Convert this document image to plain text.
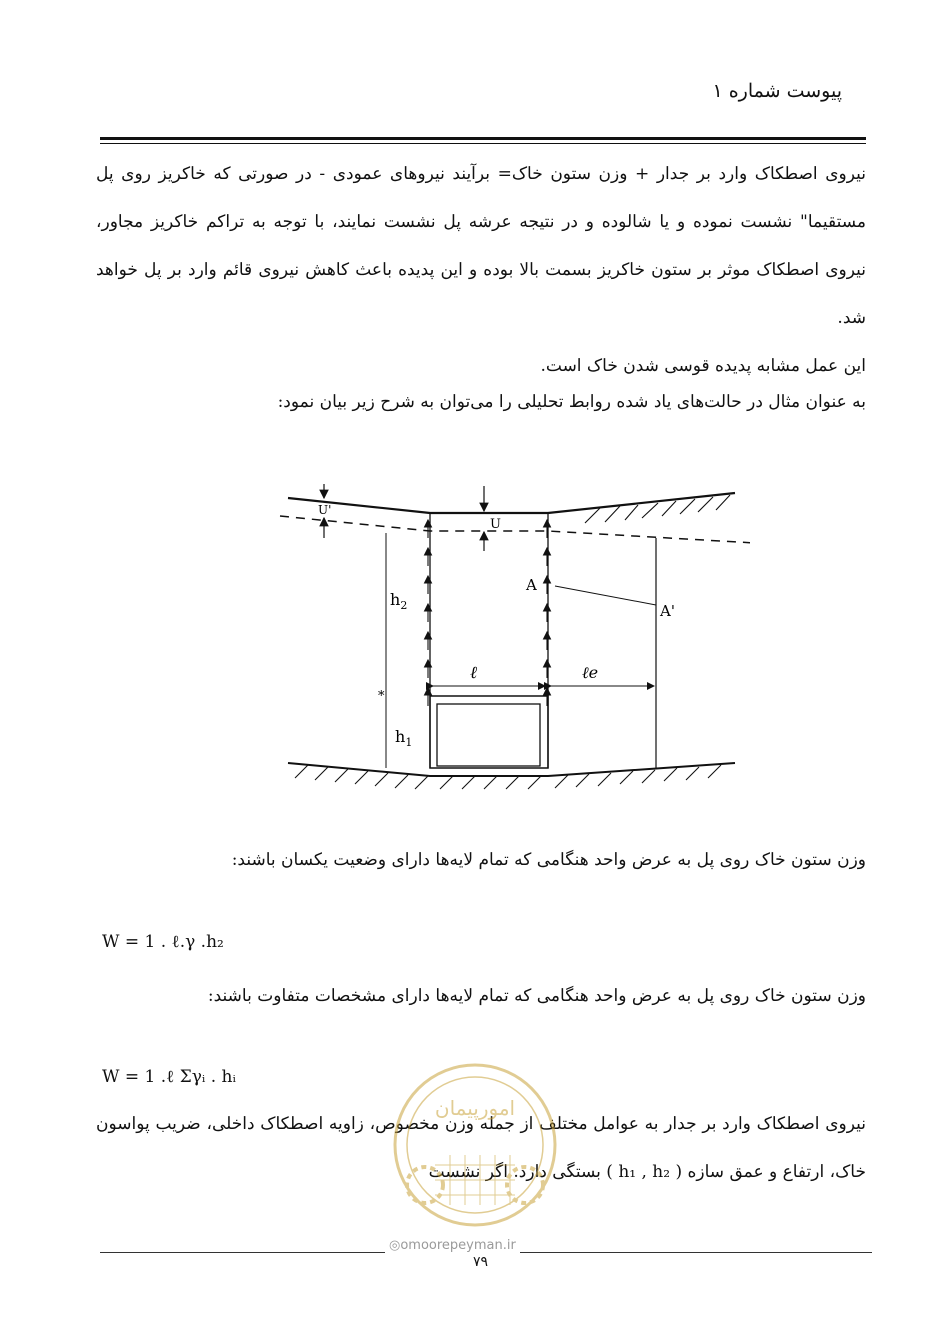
پیوست شماره ۱

نیروی اصطکاک وارد بر جدار + وزن ستون خاک= برآیند نیروهای عمودی - در صورتی که خاکریز روی پل مستقیما" نشست نموده و یا شالوده و در نتیجه عرشه پل نشست نمایند، با توجه به تراکم خاکریز مجاور، نیروی اصطکاک موثر بر ستون خاکریز بسمت بالا بوده و این پدیده باعث کاهش نیروی قائم وارد بر پل خواهد شد.

این عمل مشابه پدیده قوسی شدن خاک است.

به عنوان مثال در حالت‌های یاد شده روابط تحلیلی را می‌توان به شرح زیر بیان نمود:

U'
U
$h_2$
*
$h_1$
A
A'
ℓ	ℓe

وزن ستون خاک روی پل به عرض واحد هنگامی که تمام لایه‌ها دارای وضعیت یکسان باشند:

W = 1 . ℓ.γ .h₂

وزن ستون خاک روی پل به عرض واحد هنگامی که تمام لایه‌ها دارای مشخصات متفاوت باشند:

W = 1 .ℓ Σγᵢ . hᵢ

نیروی اصطکاک وارد بر جدار به عوامل مختلف از جمله وزن مخصوص، زاویه اصطکاک داخلی، ضریب پواسون خاک، ارتفاع و عمق سازه ( h₁ , h₂ ) بستگی دارد. اگر نشست

امورپیمان
◎omoorepeyman.ir
۷۹
